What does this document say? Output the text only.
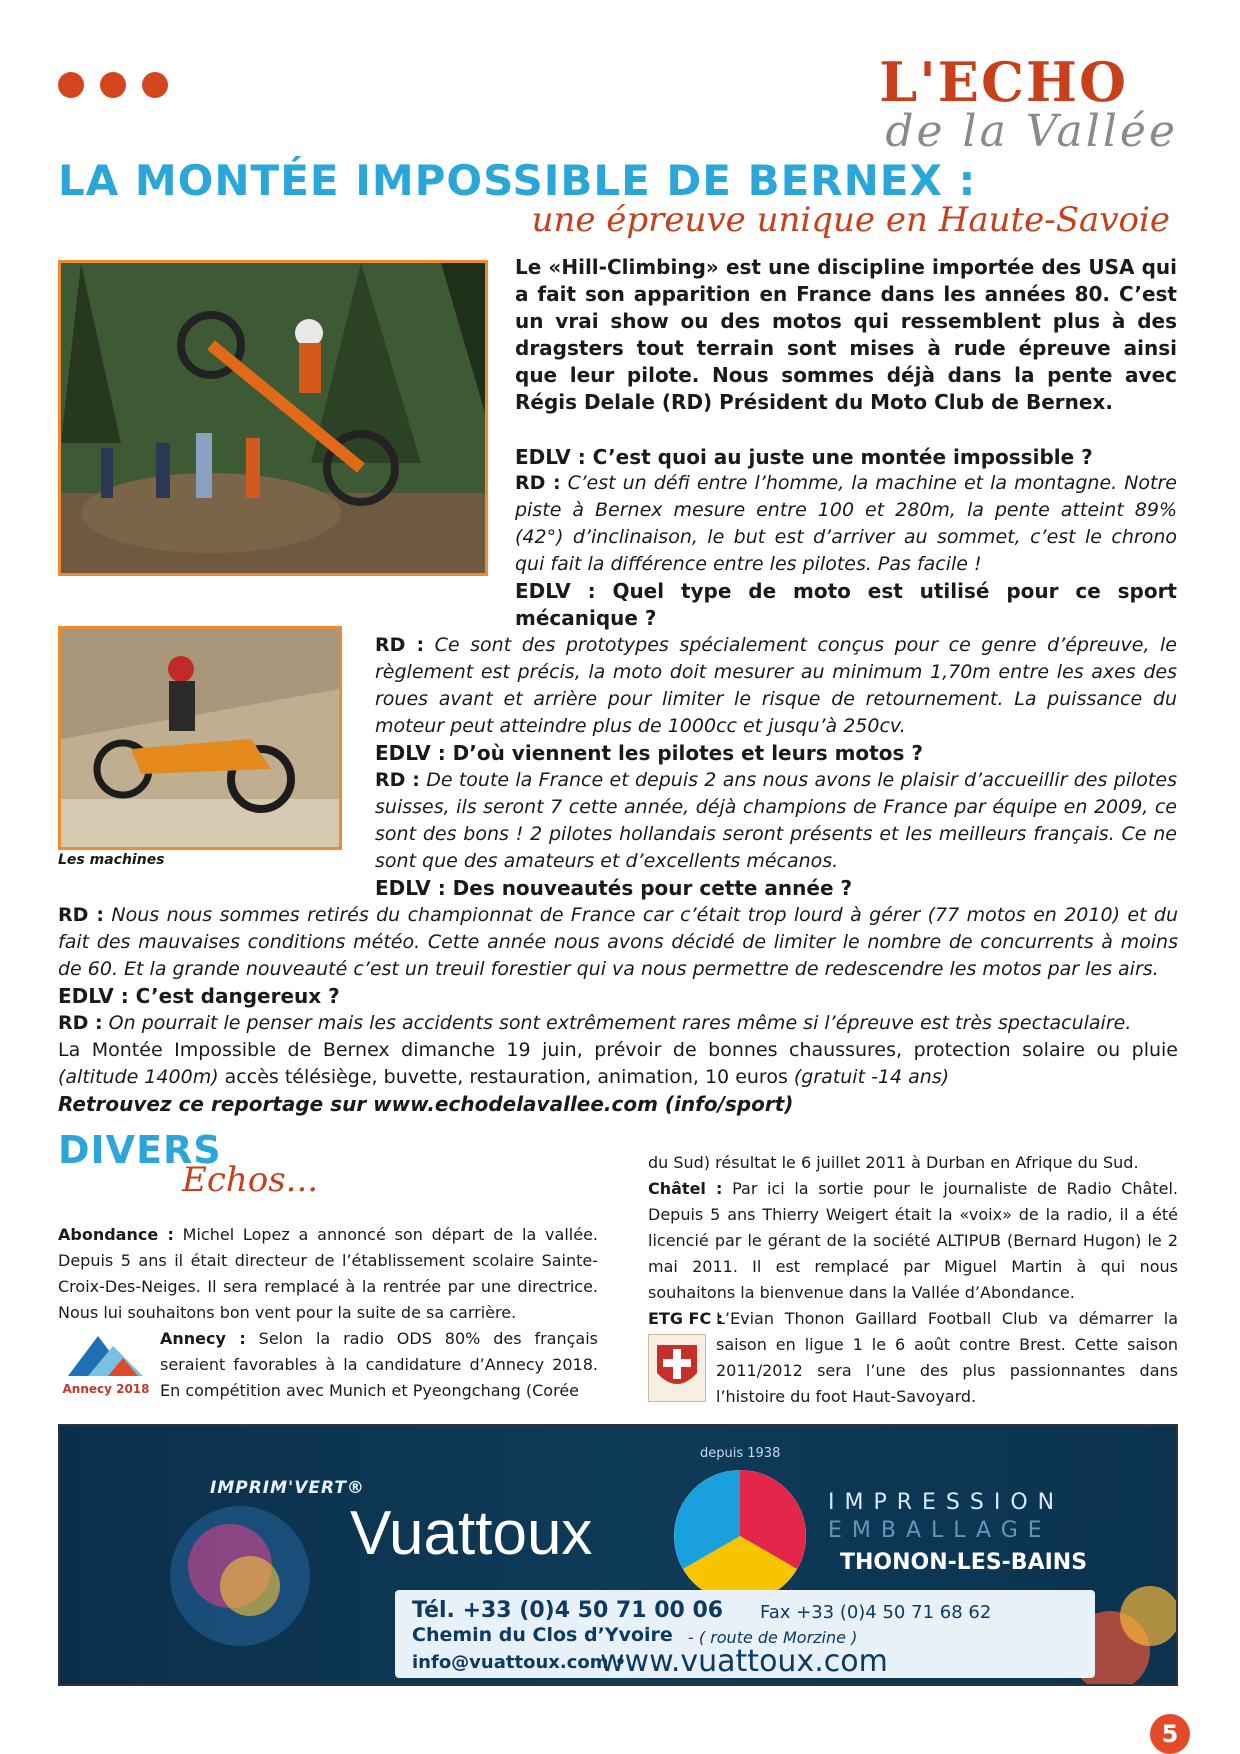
L'ECHO
de la Vallée
LA MONTÉE IMPOSSIBLE DE BERNEX :
une épreuve unique en Haute-Savoie
Les machines
Le «Hill-Climbing» est une discipline importée des USA qui a fait son apparition en France dans les années 80. C’est un vrai show ou des motos qui ressemblent plus à des dragsters tout terrain sont mises à rude épreuve ainsi que leur pilote. Nous sommes déjà dans la pente avec Régis Delale (RD) Président du Moto Club de Bernex.
EDLV : C’est quoi au juste une montée impossible ?
RD : C’est un défi entre l’homme, la machine et la montagne. Notre piste à Bernex mesure entre 100 et 280m, la pente atteint 89% (42°) d’inclinaison, le but est d’arriver au sommet, c’est le chrono qui fait la différence entre les pilotes. Pas facile !
EDLV : Quel type de moto est utilisé pour ce sport mécanique ?
RD : Ce sont des prototypes spécialement conçus pour ce genre d’épreuve, le règlement est précis, la moto doit mesurer au minimum 1,70m entre les axes des roues avant et arrière pour limiter le risque de retournement. La puissance du moteur peut atteindre plus de 1000cc et jusqu’à 250cv.
EDLV : D’où viennent les pilotes et leurs motos ?
RD : De toute la France et depuis 2 ans nous avons le plaisir d’accueillir des pilotes suisses, ils seront 7 cette année, déjà champions de France par équipe en 2009, ce sont des bons ! 2 pilotes hollandais seront présents et les meilleurs français. Ce ne sont que des amateurs et d’excellents mécanos.
EDLV : Des nouveautés pour cette année ?
RD : Nous nous sommes retirés du championnat de France car c’était trop lourd à gérer (77 motos en 2010) et du fait des mauvaises conditions météo. Cette année nous avons décidé de limiter le nombre de concurrents à moins de 60. Et la grande nouveauté c’est un treuil forestier qui va nous permettre de redescendre les motos par les airs.
EDLV : C’est dangereux ?
RD : On pourrait le penser mais les accidents sont extrêmement rares même si l’épreuve est très spectaculaire.
La Montée Impossible de Bernex dimanche 19 juin, prévoir de bonnes chaussures, protection solaire ou pluie (altitude 1400m) accès télésiège, buvette, restauration, animation, 10 euros (gratuit -14 ans)
Retrouvez ce reportage sur www.echodelavallee.com (info/sport)
DIVERS
Echos...
Abondance : Michel Lopez a annoncé son départ de la vallée. Depuis 5 ans il était directeur de l’établissement scolaire Sainte-Croix-Des-Neiges. Il sera remplacé à la rentrée par une directrice. Nous lui souhaitons bon vent pour la suite de sa carrière.
Annecy 2018
Annecy : Selon la radio ODS 80% des français seraient favorables à la candidature d’Annecy 2018. En compétition avec Munich et Pyeongchang (Corée
du Sud) résultat le 6 juillet 2011 à Durban en Afrique du Sud.
Châtel : Par ici la sortie pour le journaliste de Radio Châtel. Depuis 5 ans Thierry Weigert était la «voix» de la radio, il a été licencié par le gérant de la société ALTIPUB (Bernard Hugon) le 2 mai 2011. Il est remplacé par Miguel Martin à qui nous souhaitons la bienvenue dans la Vallée d’Abondance.
ETG FC :
L’Evian Thonon Gaillard Football Club va démarrer la saison en ligue 1 le 6 août contre Brest. Cette saison 2011/2012 sera l’une des plus passionnantes dans l’histoire du foot Haut-Savoyard.
IMPRIM'VERT®
Vuattoux
depuis 1938
IMPRESSION
EMBALLAGE
THONON-LES-BAINS
Tél. +33 (0)4 50 71 00 06 Fax +33 (0)4 50 71 68 62
Chemin du Clos d’Yvoire - ( route de Morzine )
info@vuattoux.com •
www.vuattoux.com
5
